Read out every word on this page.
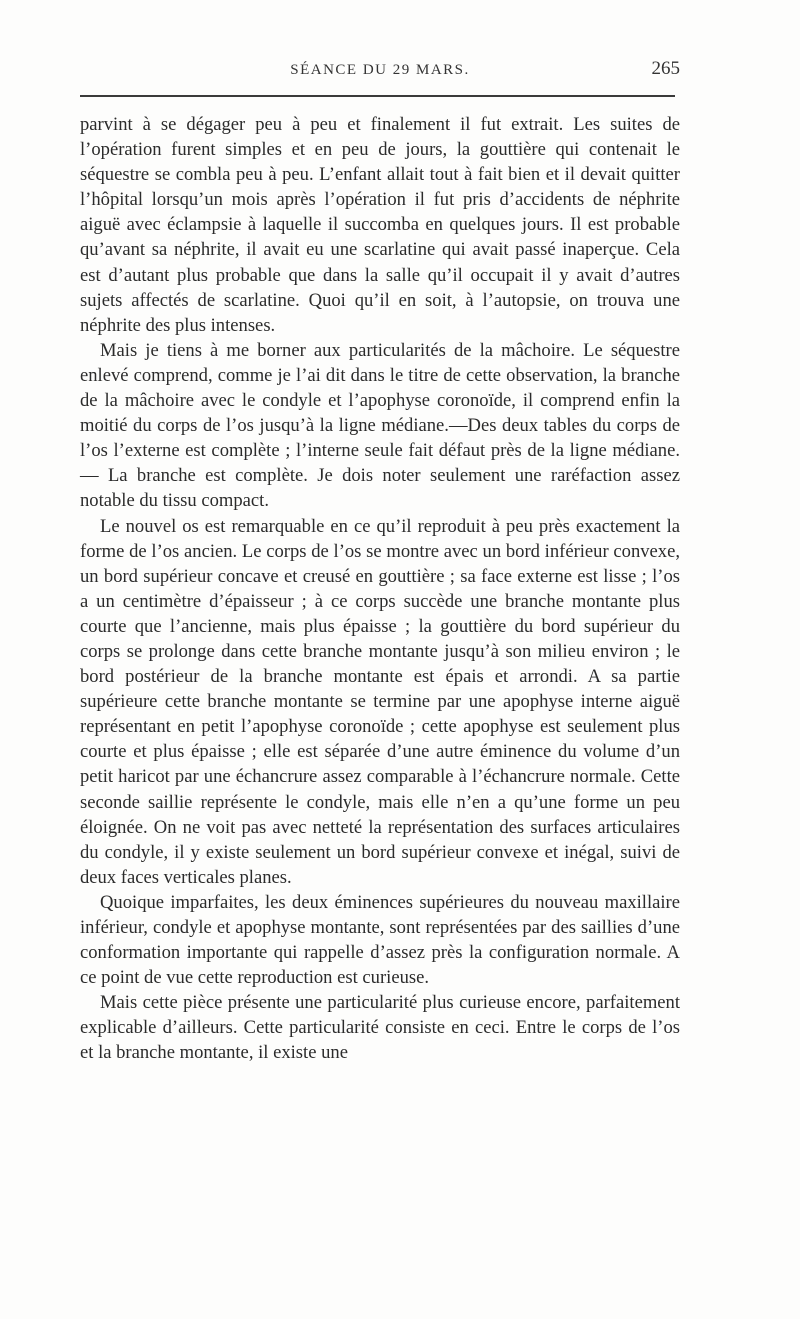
SÉANCE DU 29 MARS.	265

parvint à se dégager peu à peu et finalement il fut extrait. Les suites de l’opération furent simples et en peu de jours, la gouttière qui contenait le séquestre se combla peu à peu. L’enfant allait tout à fait bien et il devait quitter l’hôpital lorsqu’un mois après l’opération il fut pris d’accidents de néphrite aiguë avec éclampsie à laquelle il succomba en quelques jours. Il est probable qu’avant sa néphrite, il avait eu une scarlatine qui avait passé inaperçue. Cela est d’autant plus probable que dans la salle qu’il occupait il y avait d’autres sujets affectés de scarlatine. Quoi qu’il en soit, à l’autopsie, on trouva une néphrite des plus intenses.

Mais je tiens à me borner aux particularités de la mâchoire. Le séquestre enlevé comprend, comme je l’ai dit dans le titre de cette observation, la branche de la mâchoire avec le condyle et l’apophyse coronoïde, il comprend enfin la moitié du corps de l’os jusqu’à la ligne médiane.—Des deux tables du corps de l’os l’externe est complète ; l’interne seule fait défaut près de la ligne médiane.— La branche est complète. Je dois noter seulement une raréfaction assez notable du tissu compact.

Le nouvel os est remarquable en ce qu’il reproduit à peu près exactement la forme de l’os ancien. Le corps de l’os se montre avec un bord inférieur convexe, un bord supérieur concave et creusé en gouttière ; sa face externe est lisse ; l’os a un centimètre d’épaisseur ; à ce corps succède une branche montante plus courte que l’ancienne, mais plus épaisse ; la gouttière du bord supérieur du corps se prolonge dans cette branche montante jusqu’à son milieu environ ; le bord postérieur de la branche montante est épais et arrondi. A sa partie supérieure cette branche montante se termine par une apophyse interne aiguë représentant en petit l’apophyse coronoïde ; cette apophyse est seulement plus courte et plus épaisse ; elle est séparée d’une autre éminence du volume d’un petit haricot par une échancrure assez comparable à l’échancrure normale. Cette seconde saillie représente le condyle, mais elle n’en a qu’une forme un peu éloignée. On ne voit pas avec netteté la représentation des surfaces articulaires du condyle, il y existe seulement un bord supérieur convexe et inégal, suivi de deux faces verticales planes.

Quoique imparfaites, les deux éminences supérieures du nouveau maxillaire inférieur, condyle et apophyse montante, sont représentées par des saillies d’une conformation importante qui rappelle d’assez près la configuration normale. A ce point de vue cette reproduction est curieuse.

Mais cette pièce présente une particularité plus curieuse encore, parfaitement explicable d’ailleurs. Cette particularité consiste en ceci. Entre le corps de l’os et la branche montante, il existe une
